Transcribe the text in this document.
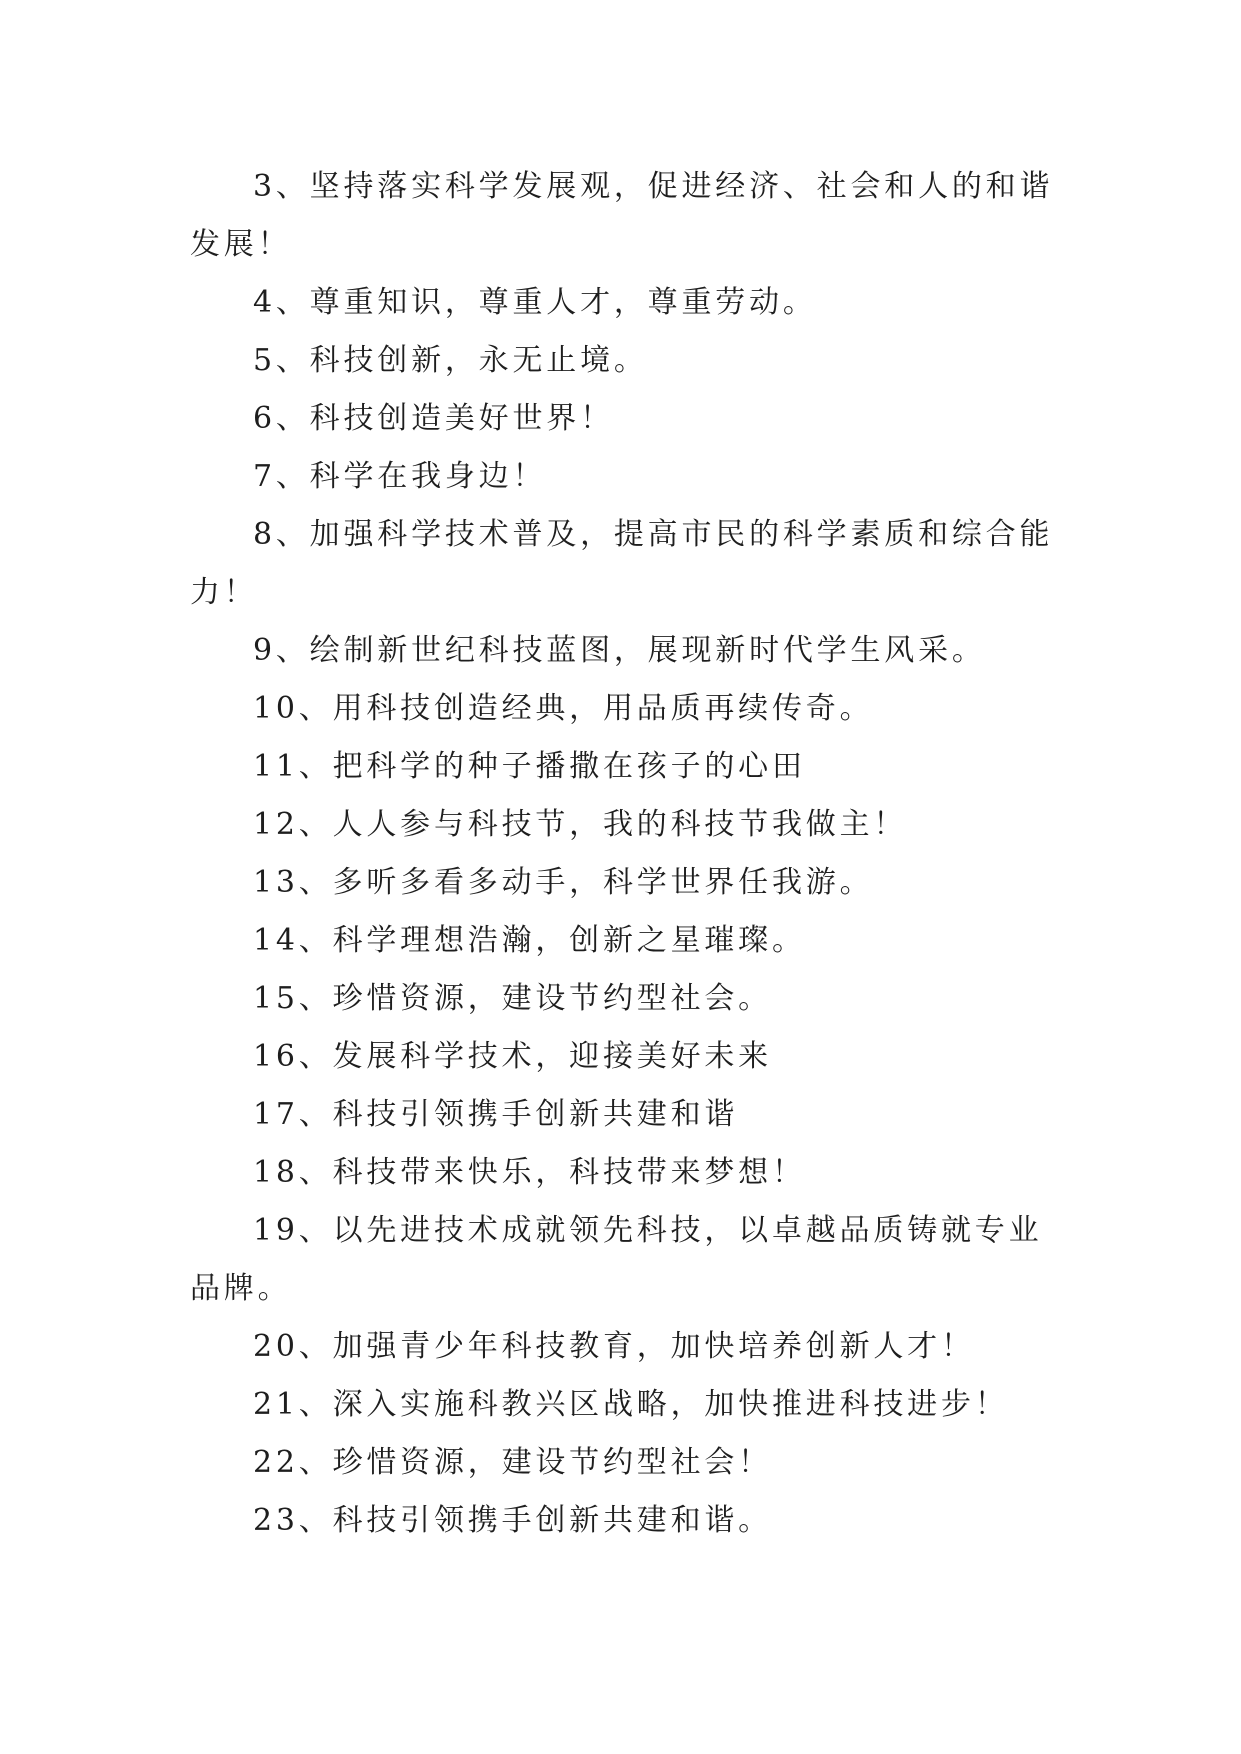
3、坚持落实科学发展观，促进经济、社会和人的和谐发展！

4、尊重知识，尊重人才，尊重劳动。

5、科技创新，永无止境。

6、科技创造美好世界！

7、科学在我身边！

8、加强科学技术普及，提高市民的科学素质和综合能力！

9、绘制新世纪科技蓝图，展现新时代学生风采。

10、用科技创造经典，用品质再续传奇。

11、把科学的种子播撒在孩子的心田

12、人人参与科技节，我的科技节我做主！

13、多听多看多动手，科学世界任我游。

14、科学理想浩瀚，创新之星璀璨。

15、珍惜资源，建设节约型社会。

16、发展科学技术，迎接美好未来

17、科技引领携手创新共建和谐

18、科技带来快乐，科技带来梦想！

19、以先进技术成就领先科技，以卓越品质铸就专业品牌。

20、加强青少年科技教育，加快培养创新人才！

21、深入实施科教兴区战略，加快推进科技进步！

22、珍惜资源，建设节约型社会！

23、科技引领携手创新共建和谐。
